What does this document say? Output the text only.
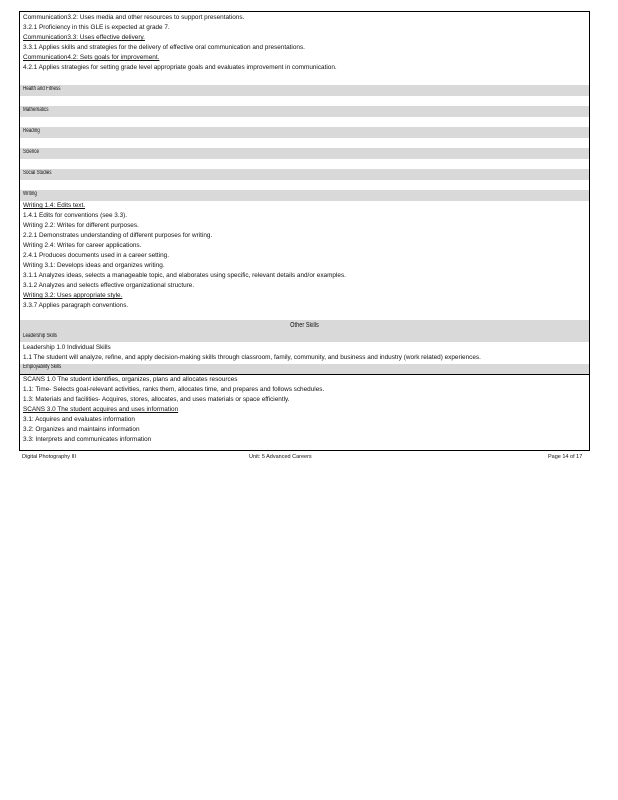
Communication3.2: Uses media and other resources to support presentations.
3.2.1 Proficiency in this GLE is expected at grade 7.
Communication3.3: Uses effective delivery.
3.3.1 Applies skills and strategies for the delivery of effective oral communication and presentations.
Communication4.2: Sets goals for improvement.
4.2.1 Applies strategies for setting grade level appropriate goals and evaluates improvement in communication.
Health and Fitness
Mathematics
Reading
Science
Social Studies
Writing
Writing 1.4: Edits text.
1.4.1 Edits for conventions (see 3.3).
Writing 2.2: Writes for different purposes.
2.2.1 Demonstrates understanding of different purposes for writing.
Writing 2.4: Writes for career applications.
2.4.1 Produces documents used in a career setting.
Writing 3.1: Develops ideas and organizes writing.
3.1.1 Analyzes ideas, selects a manageable topic, and elaborates using specific, relevant details and/or examples.
3.1.2 Analyzes and selects effective organizational structure.
Writing 3.2: Uses appropriate style.
3.3.7 Applies paragraph conventions.
Other Skills
Leadership Skills
Leadership 1.0 Individual Skills
1.1 The student will analyze, refine, and apply decision-making skills through classroom, family, community, and business and industry (work related) experiences.
Employability Skills
SCANS 1.0 The student identifies, organizes, plans and allocates resources
1.1: Time- Selects goal-relevant activities, ranks them, allocates time, and prepares and follows schedules.
1.3: Materials and facilities- Acquires, stores, allocates, and uses materials or space efficiently.
SCANS 3.0 The student acquires and uses information
3.1: Acquires and evaluates information
3.2: Organizes and maintains information
3.3: Interprets and communicates information
Digital Photography III	Unit: 5 Advanced Careers	Page 14 of 17
